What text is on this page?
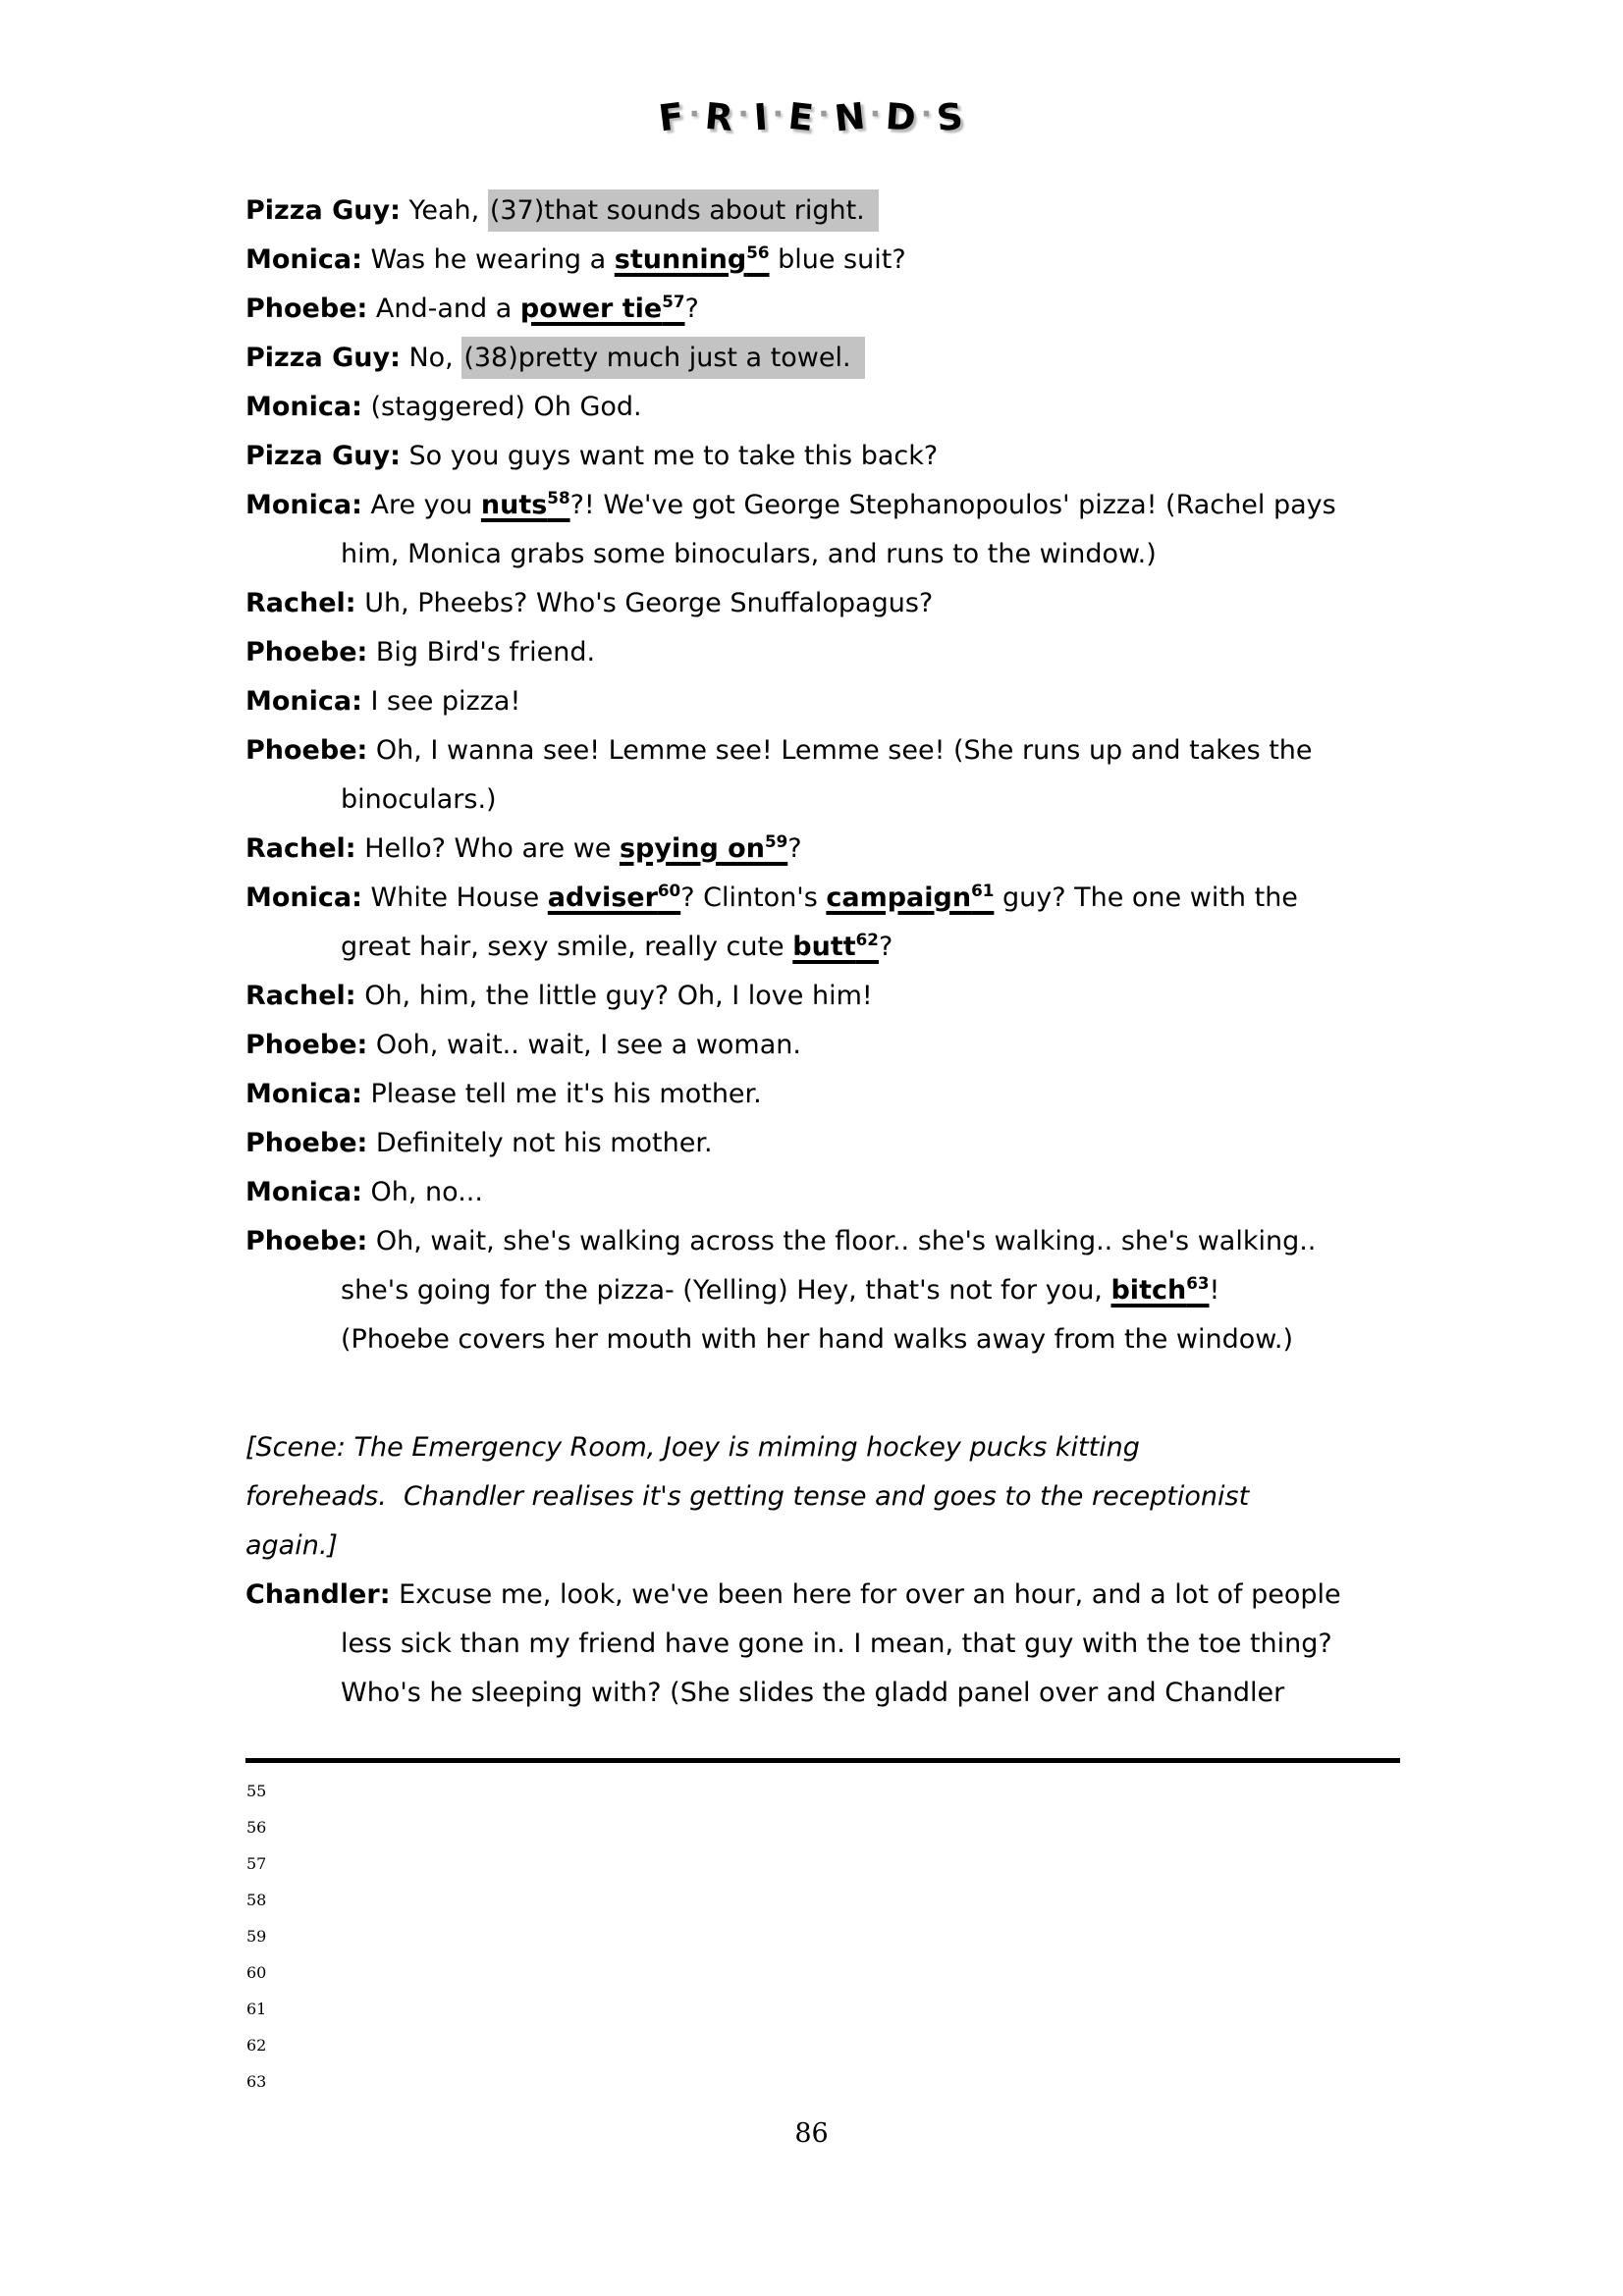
F·R·I·E·N·D·S
Pizza Guy: Yeah, (37)that sounds about right.
Monica: Was he wearing a stunning$^{56}$ blue suit?
Phoebe: And-and a power tie$^{57}$?
Pizza Guy: No, (38)pretty much just a towel.
Monica: (staggered) Oh God.
Pizza Guy: So you guys want me to take this back?
Monica: Are you nuts$^{58}$?! We've got George Stephanopoulos' pizza! (Rachel pays
him, Monica grabs some binoculars, and runs to the window.)
Rachel: Uh, Pheebs? Who's George Snuffalopagus?
Phoebe: Big Bird's friend.
Monica: I see pizza!
Phoebe: Oh, I wanna see! Lemme see! Lemme see! (She runs up and takes the
binoculars.)
Rachel: Hello? Who are we spying $on^{59}$?
Monica: White House adviser$^{60}$? Clinton's campaign$^{61}$ guy? The one with the
great hair, sexy smile, really cute butt$^{62}$?
Rachel: Oh, him, the little guy? Oh, I love him!
Phoebe: Ooh, wait.. wait, I see a woman.
Monica: Please tell me it's his mother.
Phoebe: Definitely not his mother.
Monica: Oh, no...
Phoebe: Oh, wait, she's walking across the floor.. she's walking.. she's walking..
she's going for the pizza- (Yelling) Hey, that's not for you, bitch$^{63}$!
(Phoebe covers her mouth with her hand walks away from the window.)
[Scene: The Emergency Room, Joey is miming hockey pucks kitting
foreheads.  Chandler realises it's getting tense and goes to the receptionist
again.]
Chandler: Excuse me, look, we've been here for over an hour, and a lot of people
less sick than my friend have gone in. I mean, that guy with the toe thing?
Who's he sleeping with? (She slides the gladd panel over and Chandler
55
56
57
58
59
60
61
62
63
86
